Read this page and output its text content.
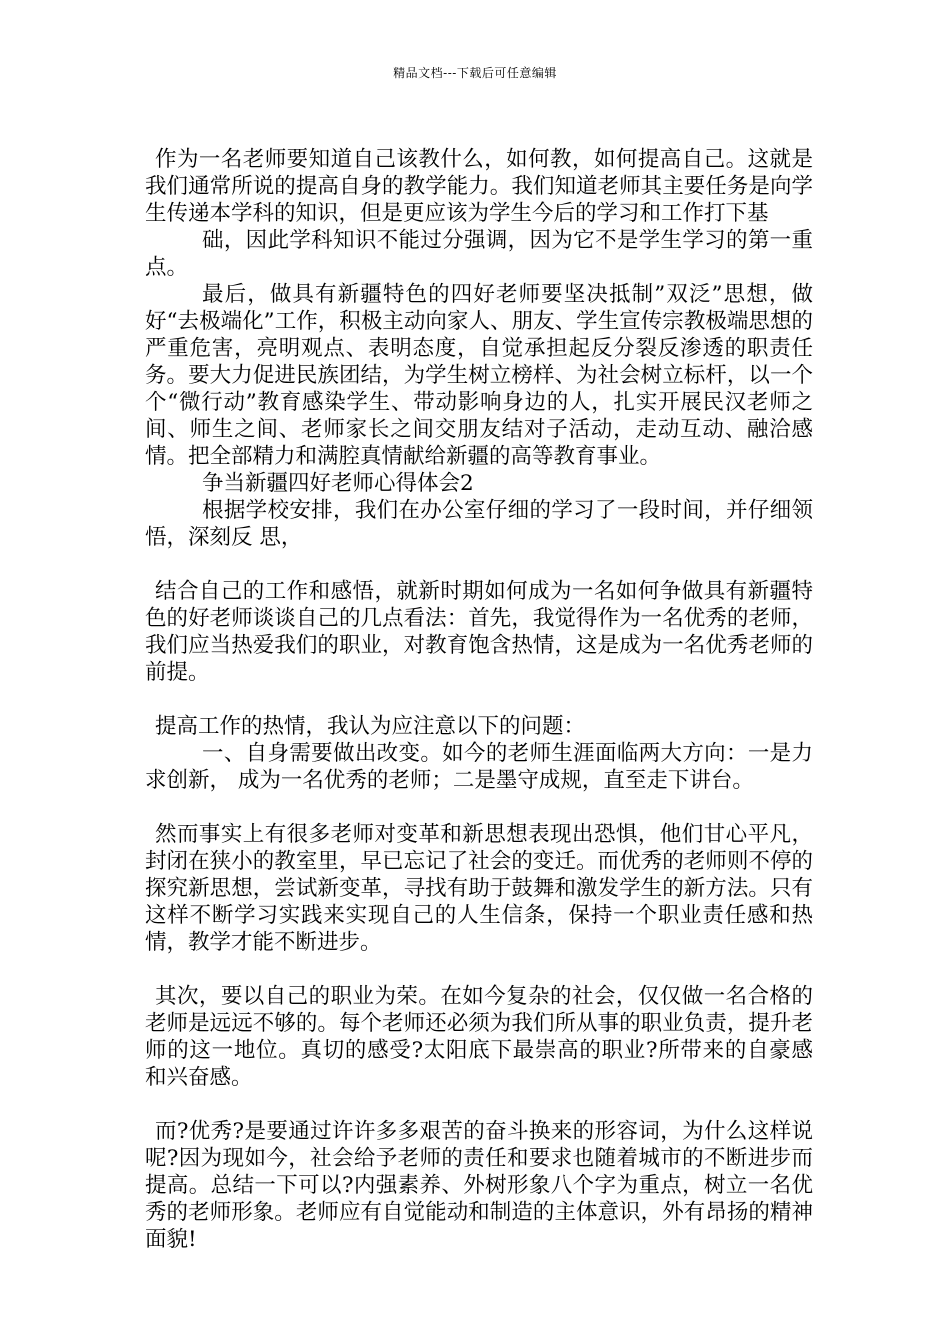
精品文档---下载后可任意编辑

作为一名老师要知道自己该教什么，如何教，如何提高自己。这就是我们通常所说的提高自身的教学能力。我们知道老师其主要任务是向学生传递本学科的知识，但是更应该为学生今后的学习和工作打下基

础，因此学科知识不能过分强调，因为它不是学生学习的第一重点。

最后，做具有新疆特色的四好老师要坚决抵制”双泛”思想，做好“去极端化”工作，积极主动向家人、朋友、学生宣传宗教极端思想的严重危害，亮明观点、表明态度，自觉承担起反分裂反渗透的职责任务。要大力促进民族团结，为学生树立榜样、为社会树立标杆，以一个个“微行动”教育感染学生、带动影响身边的人，扎实开展民汉老师之间、师生之间、老师家长之间交朋友结对子活动，走动互动、融洽感情。把全部精力和满腔真情献给新疆的高等教育事业。

争当新疆四好老师心得体会2

根据学校安排，我们在办公室仔细的学习了一段时间，并仔细领悟，深刻反 思，

结合自己的工作和感悟，就新时期如何成为一名如何争做具有新疆特色的好老师谈谈自己的几点看法：首先，我觉得作为一名优秀的老师，我们应当热爱我们的职业，对教育饱含热情，这是成为一名优秀老师的前提。

提高工作的热情，我认为应注意以下的问题：

一、自身需要做出改变。如今的老师生涯面临两大方向：一是力求创新， 成为一名优秀的老师；二是墨守成规，直至走下讲台。

然而事实上有很多老师对变革和新思想表现出恐惧，他们甘心平凡，封闭在狭小的教室里，早已忘记了社会的变迁。而优秀的老师则不停的探究新思想，尝试新变革，寻找有助于鼓舞和激发学生的新方法。只有这样不断学习实践来实现自己的人生信条，保持一个职业责任感和热情，教学才能不断进步。

其次，要以自己的职业为荣。在如今复杂的社会，仅仅做一名合格的老师是远远不够的。每个老师还必须为我们所从事的职业负责，提升老师的这一地位。真切的感受?太阳底下最崇高的职业?所带来的自豪感和兴奋感。

而?优秀?是要通过许许多多艰苦的奋斗换来的形容词，为什么这样说呢?因为现如今，社会给予老师的责任和要求也随着城市的不断进步而提高。总结一下可以?内强素养、外树形象八个字为重点，树立一名优秀的老师形象。老师应有自觉能动和制造的主体意识，外有昂扬的精神面貌!
